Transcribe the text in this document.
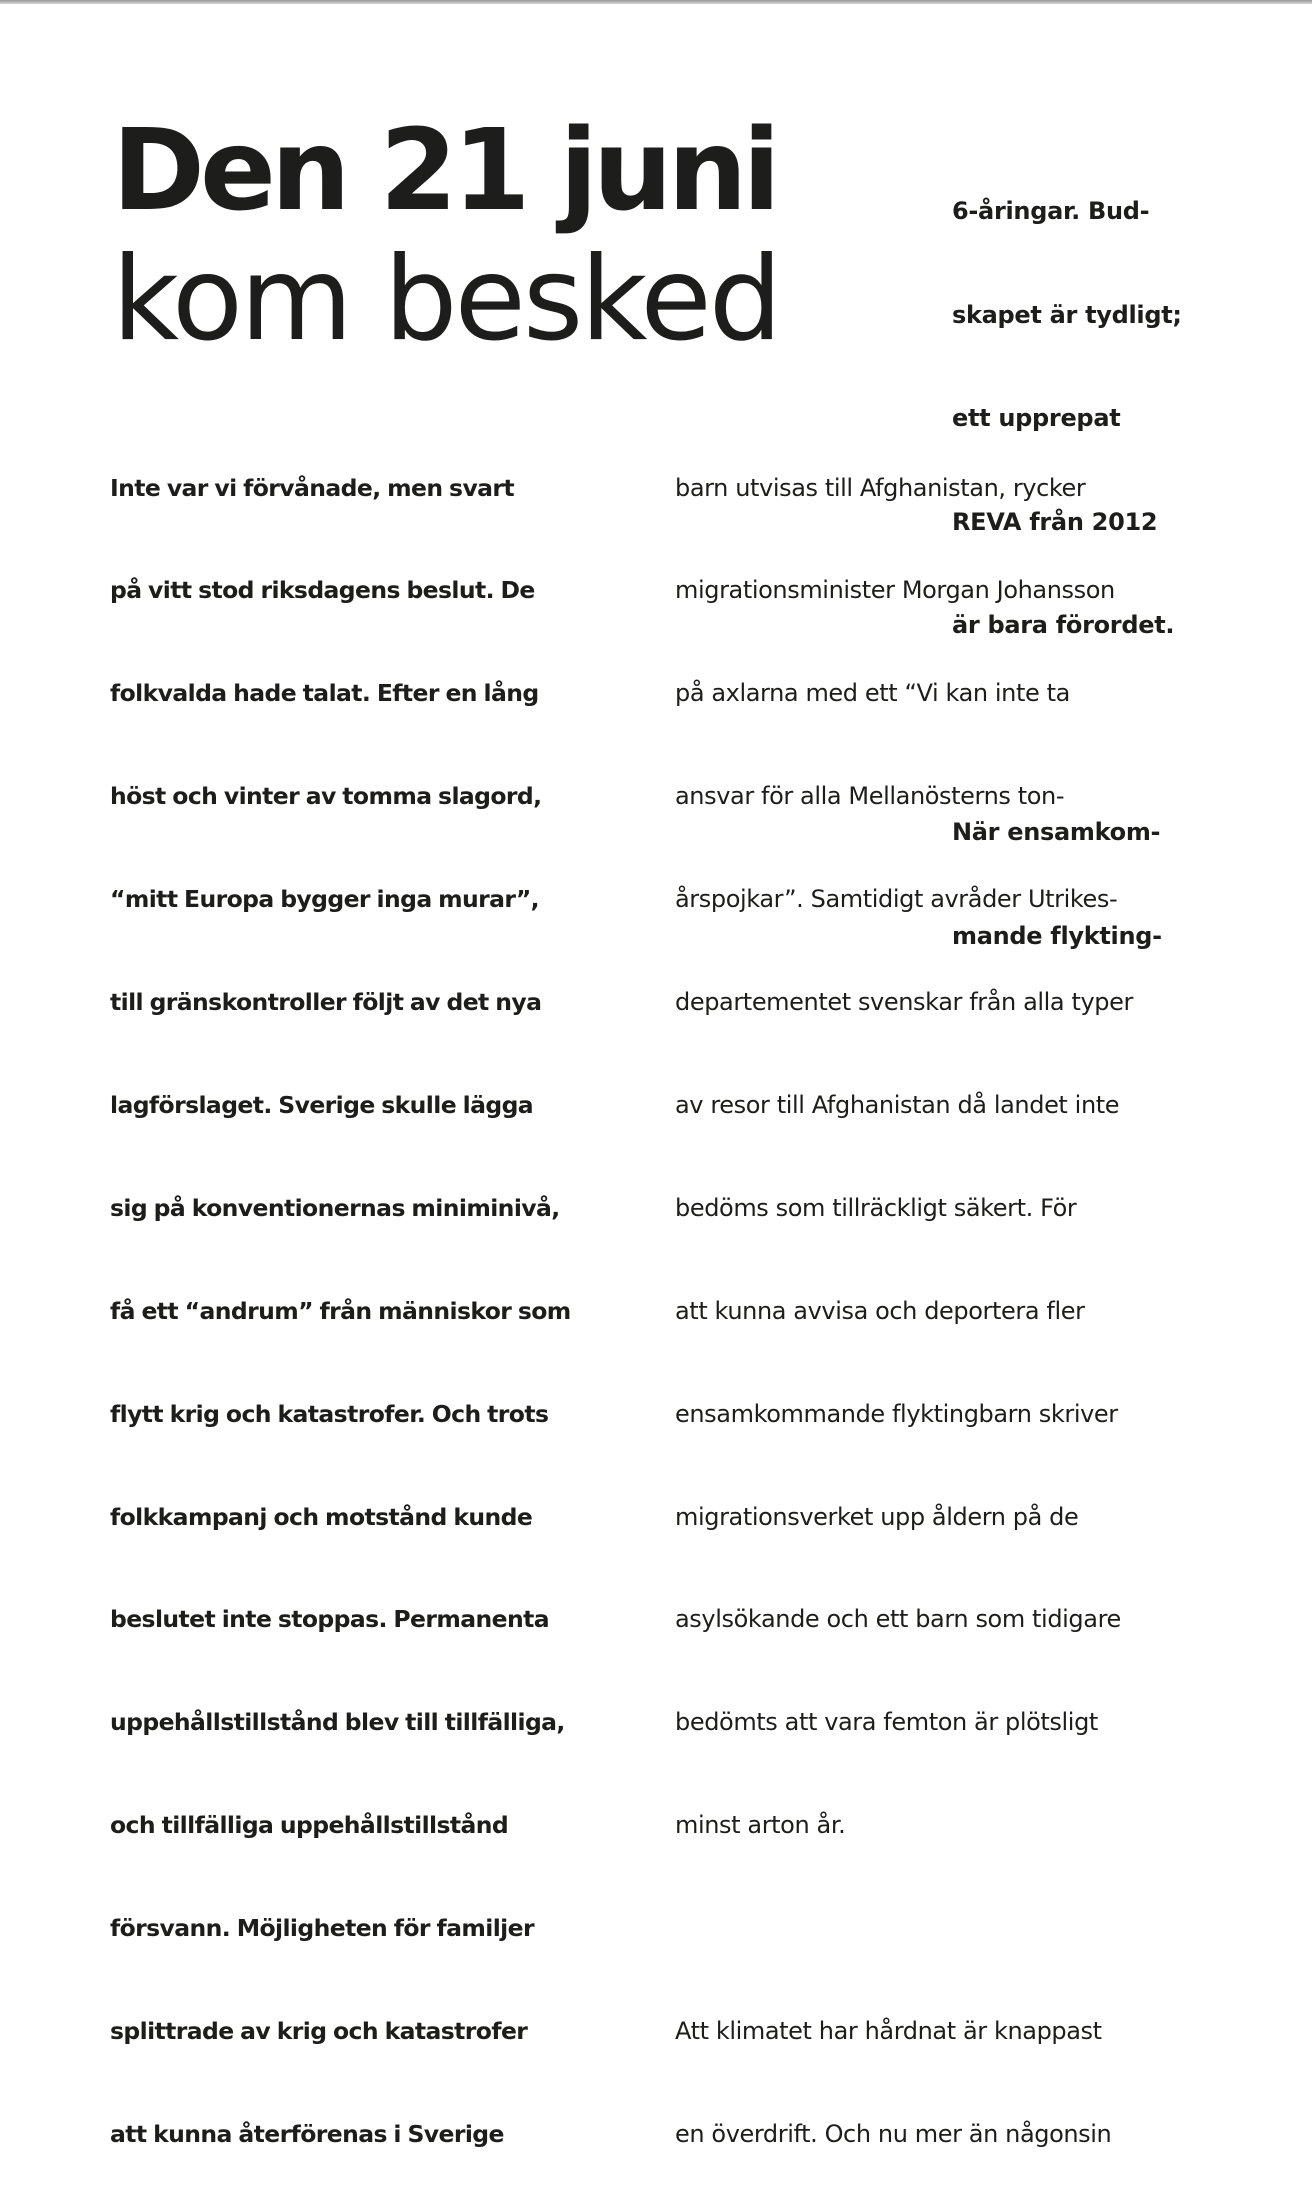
Den 21 juni
kom besked

6-åringar. Bud-

skapet är tydligt;

ett upprepat

REVA från 2012

är bara förordet.

När ensamkom-

mande flykting-

Inte var vi förvånade, men svart

på vitt stod riksdagens beslut. De

folkvalda hade talat. Efter en lång

höst och vinter av tomma slagord,

“mitt Europa bygger inga murar”,

till gränskontroller följt av det nya

lagförslaget. Sverige skulle lägga

sig på konventionernas miniminivå,

få ett “andrum” från människor som

flytt krig och katastrofer. Och trots

folkkampanj och motstånd kunde

beslutet inte stoppas. Permanenta

uppehållstillstånd blev till tillfälliga,

och tillfälliga uppehållstillstånd

försvann. Möjligheten för familjer

splittrade av krig och katastrofer

att kunna återförenas i Sverige

barn utvisas till Afghanistan, rycker

migrationsminister Morgan Johansson

på axlarna med ett “Vi kan inte ta

ansvar för alla Mellanösterns ton-

årspojkar”. Samtidigt avråder Utrikes-

departementet svenskar från alla typer

av resor till Afghanistan då landet inte

bedöms som tillräckligt säkert. För

att kunna avvisa och deportera fler

ensamkommande flyktingbarn skriver

migrationsverket upp åldern på de

asylsökande och ett barn som tidigare

bedömts att vara femton är plötsligt

minst arton år.

Att klimatet har hårdnat är knappast

en överdrift. Och nu mer än någonsin
